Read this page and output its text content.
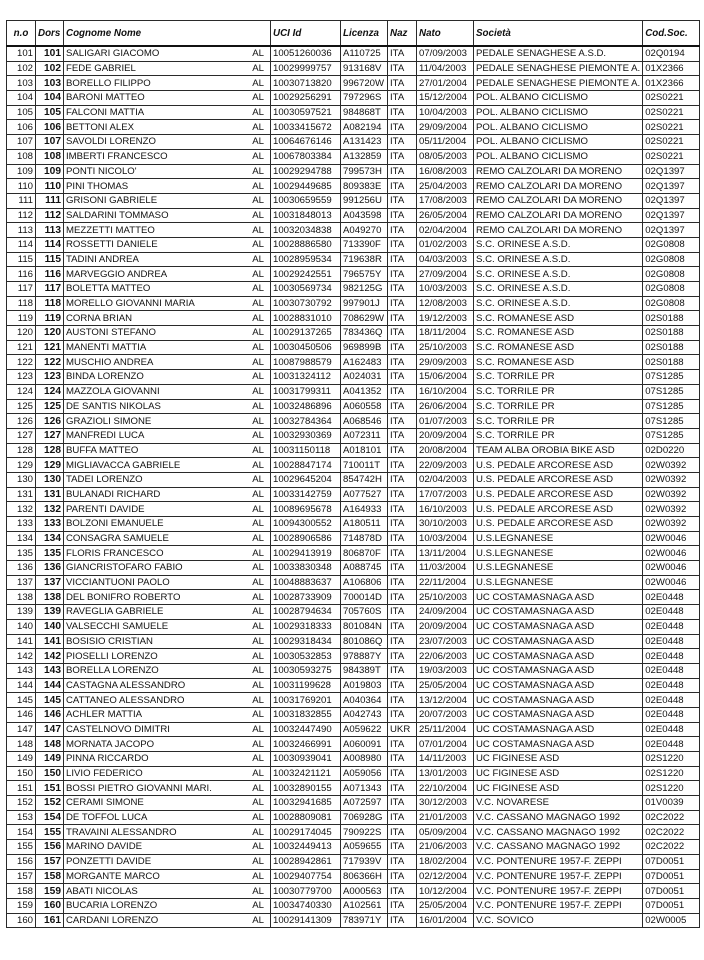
n.o	Dors	Cognome Nome	UCI Id	Licenza	Naz	Nato	Società	Cod.Soc.
101	101	SALIGARI GIACOMO AL	10051260036	A110725	ITA	07/09/2003	PEDALE SENAGHESE A.S.D.	02Q0194
102	102	FEDE GABRIEL AL	10029999757	913168V	ITA	11/04/2003	PEDALE SENAGHESE PIEMONTE A.	01X2366
103	103	BORELLO FILIPPO AL	10030713820	996720W	ITA	27/01/2004	PEDALE SENAGHESE PIEMONTE A.	01X2366
104	104	BARONI MATTEO AL	10029256291	797296S	ITA	15/12/2004	POL. ALBANO CICLISMO	02S0221
105	105	FALCONI MATTIA AL	10030597521	984868T	ITA	10/04/2003	POL. ALBANO CICLISMO	02S0221
106	106	BETTONI ALEX AL	10033415672	A082194	ITA	29/09/2004	POL. ALBANO CICLISMO	02S0221
107	107	SAVOLDI LORENZO AL	10064676146	A131423	ITA	05/11/2004	POL. ALBANO CICLISMO	02S0221
108	108	IMBERTI FRANCESCO AL	10067803384	A132859	ITA	08/05/2003	POL. ALBANO CICLISMO	02S0221
109	109	PONTI NICOLO' AL	10029294788	799573H	ITA	16/08/2003	REMO CALZOLARI DA MORENO	02Q1397
110	110	PINI THOMAS AL	10029449685	809383E	ITA	25/04/2003	REMO CALZOLARI DA MORENO	02Q1397
111	111	GRISONI GABRIELE AL	10030659559	991256U	ITA	17/08/2003	REMO CALZOLARI DA MORENO	02Q1397
112	112	SALDARINI TOMMASO AL	10031848013	A043598	ITA	26/05/2004	REMO CALZOLARI DA MORENO	02Q1397
113	113	MEZZETTI MATTEO AL	10032034838	A049270	ITA	02/04/2004	REMO CALZOLARI DA MORENO	02Q1397
114	114	ROSSETTI DANIELE AL	10028886580	713390F	ITA	01/02/2003	S.C. ORINESE A.S.D.	02G0808
115	115	TADINI ANDREA AL	10028959534	719638R	ITA	04/03/2003	S.C. ORINESE A.S.D.	02G0808
116	116	MARVEGGIO ANDREA AL	10029242551	796575Y	ITA	27/09/2004	S.C. ORINESE A.S.D.	02G0808
117	117	BOLETTA MATTEO AL	10030569734	982125G	ITA	10/03/2003	S.C. ORINESE A.S.D.	02G0808
118	118	MORELLO GIOVANNI MARIA AL	10030730792	997901J	ITA	12/08/2003	S.C. ORINESE A.S.D.	02G0808
119	119	CORNA BRIAN AL	10028831010	708629W	ITA	19/12/2003	S.C. ROMANESE ASD	02S0188
120	120	AUSTONI STEFANO AL	10029137265	783436Q	ITA	18/11/2004	S.C. ROMANESE ASD	02S0188
121	121	MANENTI MATTIA AL	10030450506	969899B	ITA	25/10/2003	S.C. ROMANESE ASD	02S0188
122	122	MUSCHIO ANDREA AL	10087988579	A162483	ITA	29/09/2003	S.C. ROMANESE ASD	02S0188
123	123	BINDA LORENZO AL	10031324112	A024031	ITA	15/06/2004	S.C. TORRILE PR	07S1285
124	124	MAZZOLA GIOVANNI AL	10031799311	A041352	ITA	16/10/2004	S.C. TORRILE PR	07S1285
125	125	DE SANTIS NIKOLAS AL	10032486896	A060558	ITA	26/06/2004	S.C. TORRILE PR	07S1285
126	126	GRAZIOLI SIMONE AL	10032784364	A068546	ITA	01/07/2003	S.C. TORRILE PR	07S1285
127	127	MANFREDI LUCA AL	10032930369	A072311	ITA	20/09/2004	S.C. TORRILE PR	07S1285
128	128	BUFFA MATTEO AL	10031150118	A018101	ITA	20/08/2004	TEAM ALBA OROBIA BIKE ASD	02D0220
129	129	MIGLIAVACCA GABRIELE AL	10028847174	710011T	ITA	22/09/2003	U.S. PEDALE ARCORESE ASD	02W0392
130	130	TADEI LORENZO AL	10029645204	854742H	ITA	02/04/2003	U.S. PEDALE ARCORESE ASD	02W0392
131	131	BULANADI RICHARD AL	10033142759	A077527	ITA	17/07/2003	U.S. PEDALE ARCORESE ASD	02W0392
132	132	PARENTI DAVIDE AL	10089695678	A164933	ITA	16/10/2003	U.S. PEDALE ARCORESE ASD	02W0392
133	133	BOLZONI EMANUELE AL	10094300552	A180511	ITA	30/10/2003	U.S. PEDALE ARCORESE ASD	02W0392
134	134	CONSAGRA SAMUELE AL	10028906586	714878D	ITA	10/03/2004	U.S.LEGNANESE	02W0046
135	135	FLORIS FRANCESCO AL	10029413919	806870F	ITA	13/11/2004	U.S.LEGNANESE	02W0046
136	136	GIANCRISTOFARO FABIO AL	10033830348	A088745	ITA	11/03/2004	U.S.LEGNANESE	02W0046
137	137	VICCIANTUONI PAOLO AL	10048883637	A106806	ITA	22/11/2004	U.S.LEGNANESE	02W0046
138	138	DEL BONIFRO ROBERTO AL	10028733909	700014D	ITA	25/10/2003	UC COSTAMASNAGA ASD	02E0448
139	139	RAVEGLIA GABRIELE AL	10028794634	705760S	ITA	24/09/2004	UC COSTAMASNAGA ASD	02E0448
140	140	VALSECCHI SAMUELE AL	10029318333	801084N	ITA	20/09/2004	UC COSTAMASNAGA ASD	02E0448
141	141	BOSISIO CRISTIAN AL	10029318434	801086Q	ITA	23/07/2003	UC COSTAMASNAGA ASD	02E0448
142	142	PIOSELLI LORENZO AL	10030532853	978887Y	ITA	22/06/2003	UC COSTAMASNAGA ASD	02E0448
143	143	BORELLA LORENZO AL	10030593275	984389T	ITA	19/03/2003	UC COSTAMASNAGA ASD	02E0448
144	144	CASTAGNA ALESSANDRO AL	10031199628	A019803	ITA	25/05/2004	UC COSTAMASNAGA ASD	02E0448
145	145	CATTANEO ALESSANDRO AL	10031769201	A040364	ITA	13/12/2004	UC COSTAMASNAGA ASD	02E0448
146	146	ACHLER MATTIA AL	10031832855	A042743	ITA	20/07/2003	UC COSTAMASNAGA ASD	02E0448
147	147	CASTELNOVO DIMITRI AL	10032447490	A059622	UKR	25/11/2004	UC COSTAMASNAGA ASD	02E0448
148	148	MORNATA JACOPO AL	10032466991	A060091	ITA	07/01/2004	UC COSTAMASNAGA ASD	02E0448
149	149	PINNA RICCARDO AL	10030939041	A008980	ITA	14/11/2003	UC FIGINESE ASD	02S1220
150	150	LIVIO FEDERICO AL	10032421121	A059056	ITA	13/01/2003	UC FIGINESE ASD	02S1220
151	151	BOSSI PIETRO GIOVANNI MARI. AL	10032890155	A071343	ITA	22/10/2004	UC FIGINESE ASD	02S1220
152	152	CERAMI SIMONE AL	10032941685	A072597	ITA	30/12/2003	V.C. NOVARESE	01V0039
153	154	DE TOFFOL LUCA AL	10028809081	706928G	ITA	21/01/2003	V.C. CASSANO MAGNAGO 1992	02C2022
154	155	TRAVAINI ALESSANDRO AL	10029174045	790922S	ITA	05/09/2004	V.C. CASSANO MAGNAGO 1992	02C2022
155	156	MARINO DAVIDE AL	10032449413	A059655	ITA	21/06/2003	V.C. CASSANO MAGNAGO 1992	02C2022
156	157	PONZETTI DAVIDE AL	10028942861	717939V	ITA	18/02/2004	V.C. PONTENURE 1957-F. ZEPPI	07D0051
157	158	MORGANTE MARCO AL	10029407754	806366H	ITA	02/12/2004	V.C. PONTENURE 1957-F. ZEPPI	07D0051
158	159	ABATI NICOLAS AL	10030779700	A000563	ITA	10/12/2004	V.C. PONTENURE 1957-F. ZEPPI	07D0051
159	160	BUCARIA LORENZO AL	10034740330	A102561	ITA	25/05/2004	V.C. PONTENURE 1957-F. ZEPPI	07D0051
160	161	CARDANI LORENZO AL	10029141309	783971Y	ITA	16/01/2004	V.C. SOVICO	02W0005
